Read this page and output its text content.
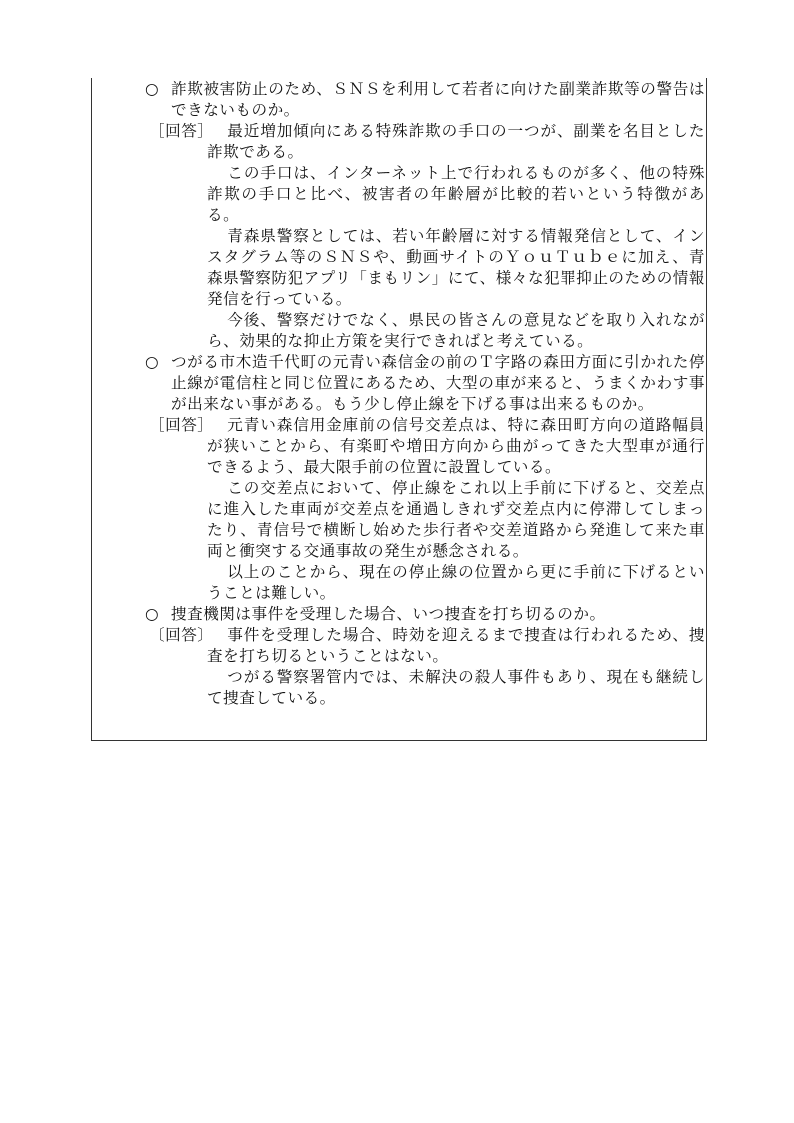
○ 詐欺被害防止のため、ＳＮＳを利用して若者に向けた副業詐欺等の警告はできないものか。
［回答］ 最近増加傾向にある特殊詐欺の手口の一つが、副業を名目とした詐欺である。

この手口は、インターネット上で行われるものが多く、他の特殊詐欺の手口と比べ、被害者の年齢層が比較的若いという特徴がある。

青森県警察としては、若い年齢層に対する情報発信として、インスタグラム等のＳＮＳや、動画サイトのＹｏｕＴｕｂｅに加え、青森県警察防犯アプリ「まもリン」にて、様々な犯罪抑止のための情報発信を行っている。

今後、警察だけでなく、県民の皆さんの意見などを取り入れながら、効果的な抑止方策を実行できればと考えている。

○ つがる市木造千代町の元青い森信金の前のＴ字路の森田方面に引かれた停止線が電信柱と同じ位置にあるため、大型の車が来ると、うまくかわす事が出来ない事がある。もう少し停止線を下げる事は出来るものか。
［回答］ 元青い森信用金庫前の信号交差点は、特に森田町方向の道路幅員が狭いことから、有楽町や増田方向から曲がってきた大型車が通行できるよう、最大限手前の位置に設置している。

この交差点において、停止線をこれ以上手前に下げると、交差点に進入した車両が交差点を通過しきれず交差点内に停滞してしまったり、青信号で横断し始めた歩行者や交差道路から発進して来た車両と衝突する交通事故の発生が懸念される。

以上のことから、現在の停止線の位置から更に手前に下げるということは難しい。

○ 捜査機関は事件を受理した場合、いつ捜査を打ち切るのか。
〔回答〕 事件を受理した場合、時効を迎えるまで捜査は行われるため、捜査を打ち切るということはない。

つがる警察署管内では、未解決の殺人事件もあり、現在も継続して捜査している。
